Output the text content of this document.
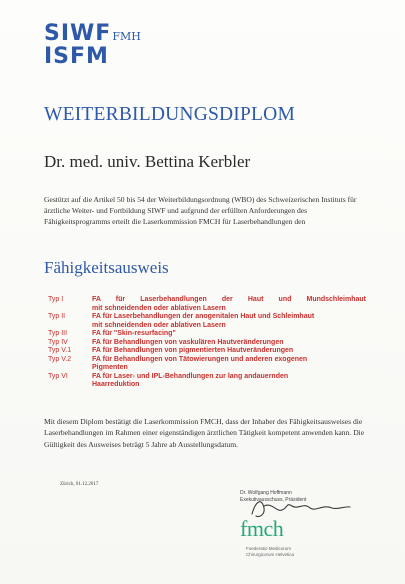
SIWFFMH
ISFM
WEITERBILDUNGSDIPLOM
Dr. med. univ. Bettina Kerbler
Gestützt auf die Artikel 50 bis 54 der Weiterbildungsordnung (WBO) des Schweizerischen Instituts für ärztliche Weiter- und Fortbildung SIWF und aufgrund der erfüllten Anforderungen des Fähigkeitsprogramms erteilt die Laserkommission FMCH für Laserbehandlungen den
Fähigkeitsausweis
Typ I	FA für Laserbehandlungen der Haut und Mundschleimhaut
mit schneidenden oder ablativen Lasern
Typ II	FA für Laserbehandlungen der anogenitalen Haut und Schleimhaut
mit schneidenden oder ablativen Lasern
Typ III	FA für "Skin-resurfacing"
Typ IV	FA für Behandlungen von vaskulären Hautveränderungen
Typ V.1	FA für Behandlungen von pigmentierten Hautveränderungen
Typ V.2	FA für Behandlungen von Tätowierungen und anderen exogenen
Pigmenten
Typ VI	FA für Laser- und IPL-Behandlungen zur lang andauernden
Haarreduktion
Mit diesem Diplom bestätigt die Laserkommission FMCH, dass der Inhaber des Fähigkeitsausweises die Laserbehandlungen im Rahmen einer eigenständigen ärztlichen Tätigkeit kompetent anwenden kann. Die Gültigkeit des Ausweises beträgt 5 Jahre ab Ausstellungsdatum.
Zürich, 01.12.2017
Dr. Wolfgang Hoffmann
Exekutivausschuss, Präsident
fmch
Foederatio Medicorum
Chirurgicorum Helvetica
